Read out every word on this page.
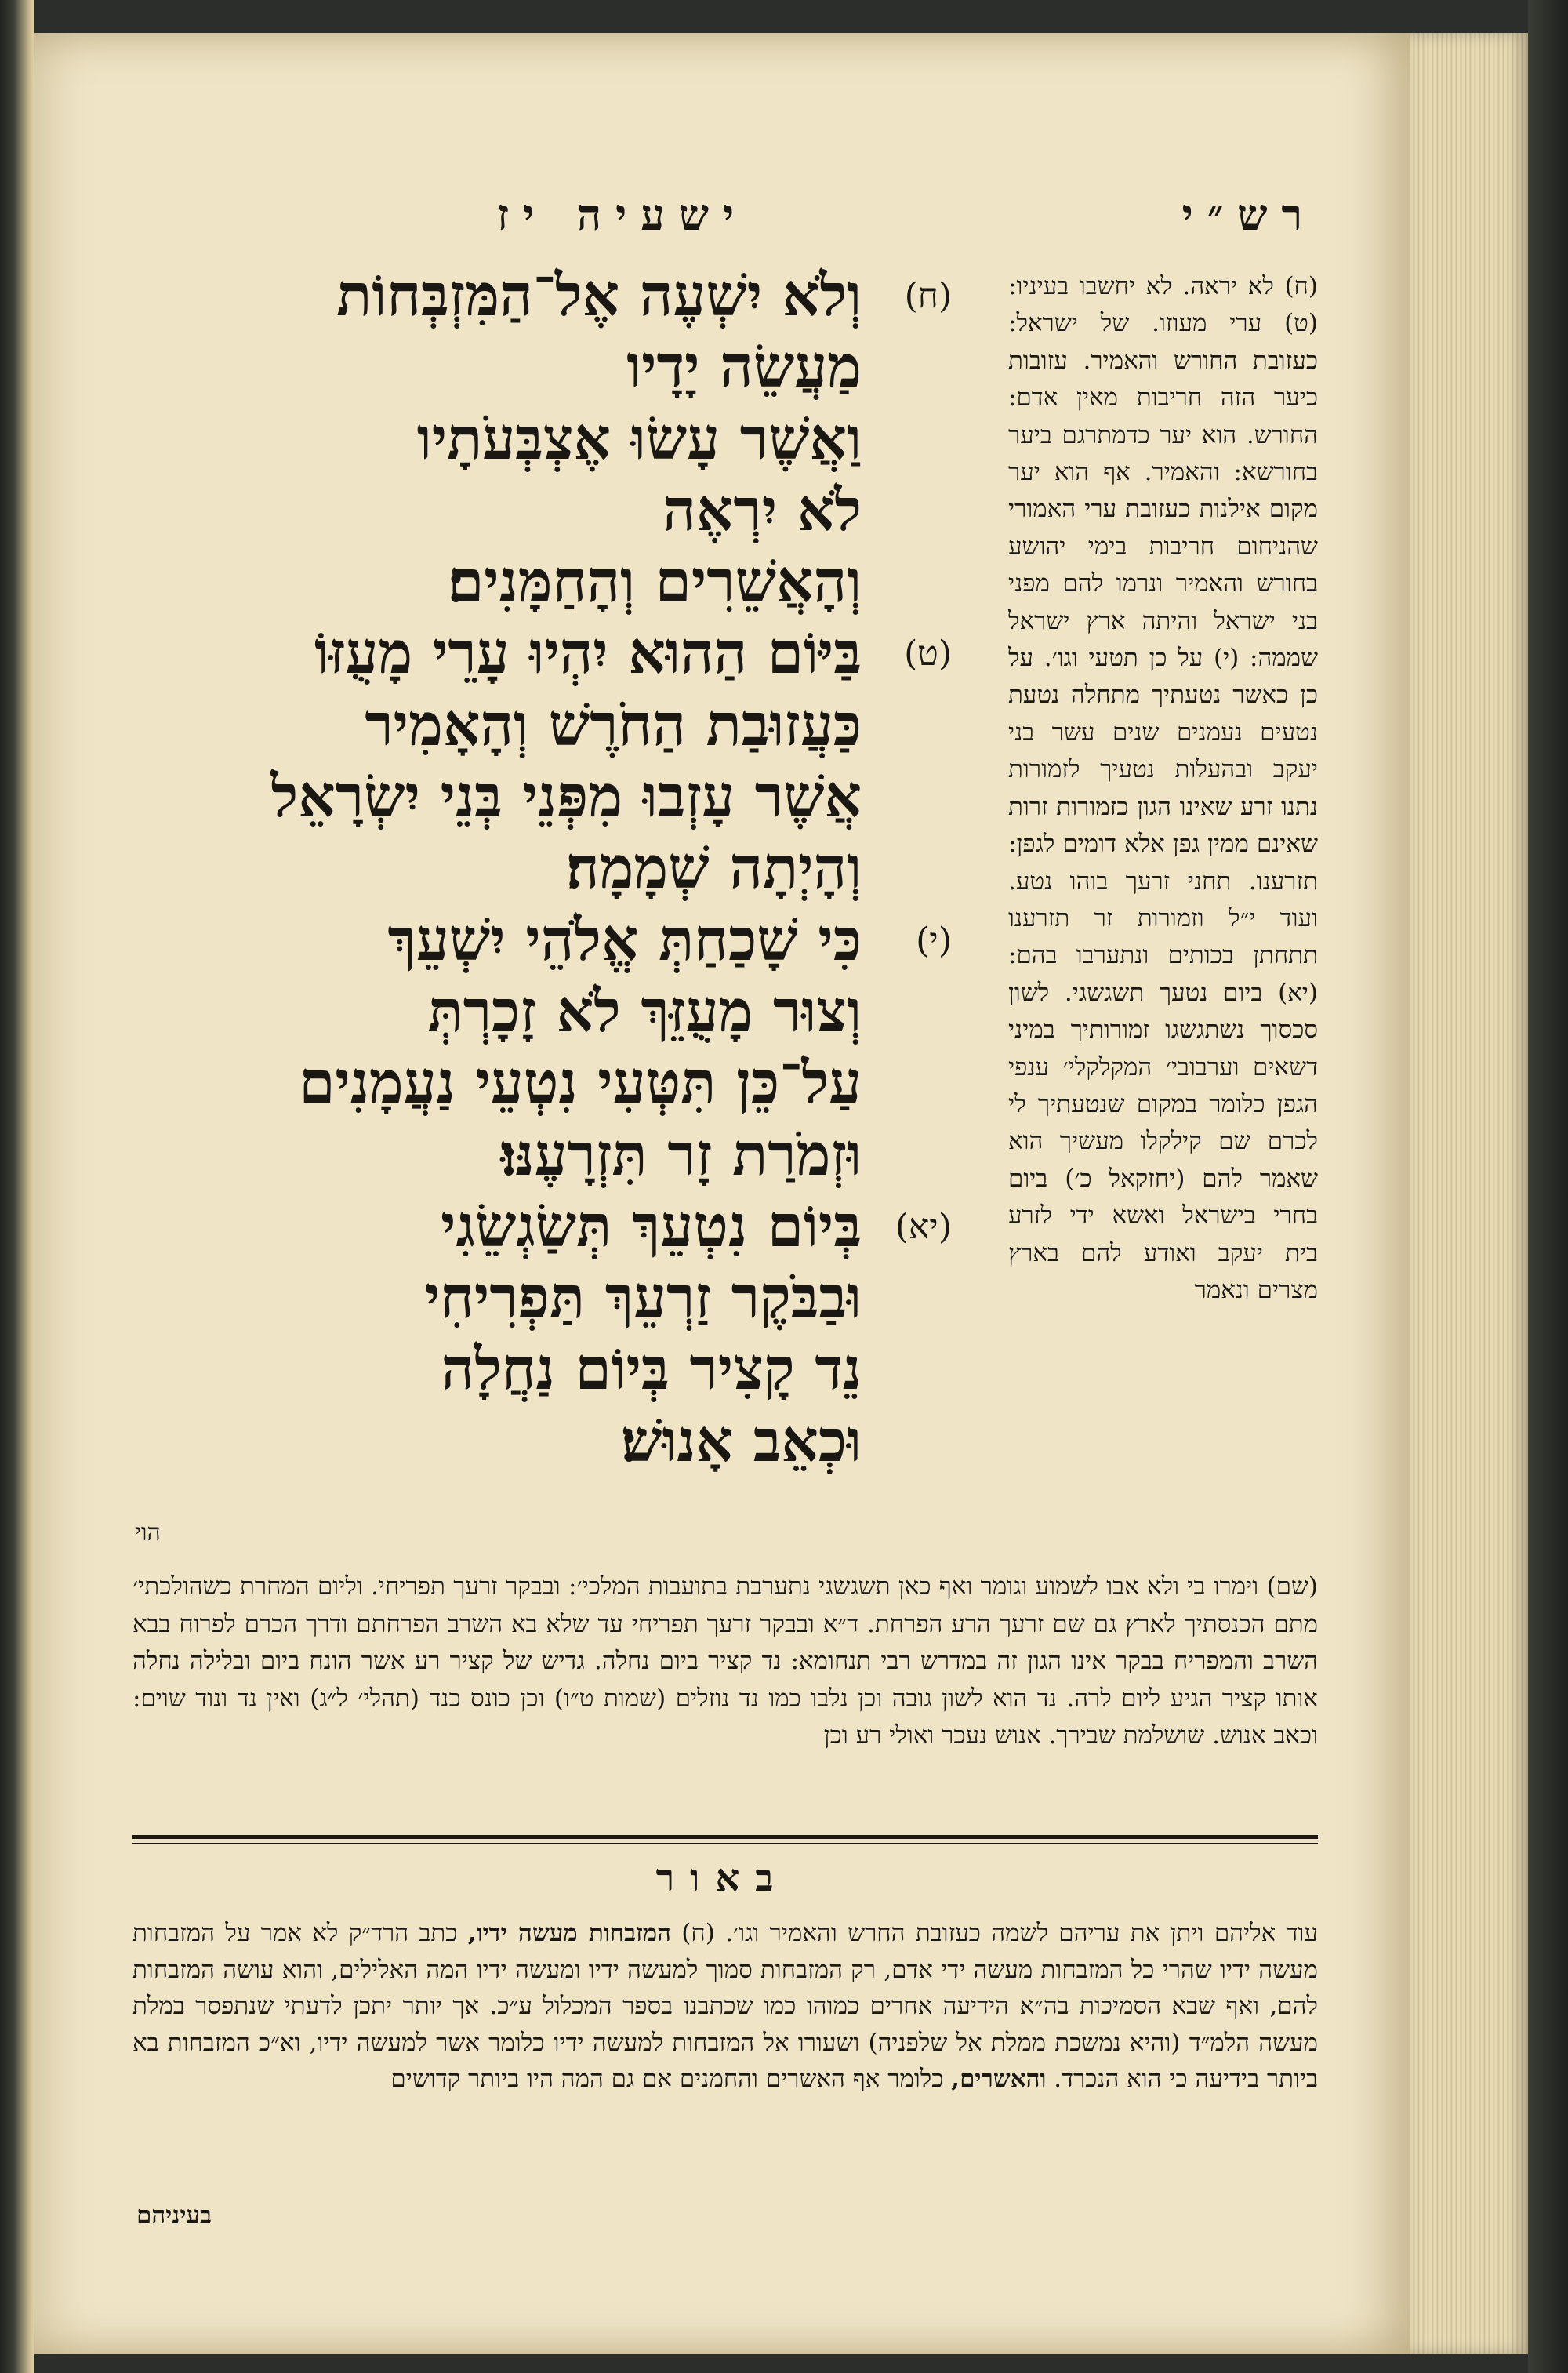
רש״י
ישעיה יז

(ח) לא יראה. לא יחשבו בעיניו: (ט) ערי מעוזו. של ישראל: כעזובת החורש והאמיר. עזובות כיער הזה חריבות מאין אדם: החורש. הוא יער כדמתרגם ביער בחורשא: והאמיר. אף הוא יער מקום אילנות כעזובת ערי האמורי שהניחום חריבות בימי יהושע בחורש והאמיר ונרמו להם מפני בני ישראל והיתה ארץ ישראל שממה: (י) על כן תטעי וגו׳. על כן כאשר נטעתיך מתחלה נטעת נטעים נעמנים שנים עשר בני יעקב ובהעלות נטעיך לזמורות נתנו זרע שאינו הגון כזמורות זרות שאינם ממין גפן אלא דומים לגפן: תזרענו. תחני זרעך בוהו נטע. ועוד י״ל וזמורות זר תזרענו תתחתן בכותים ונתערבו בהם: (יא) ביום נטעך תשגשגי. לשון סכסוך נשתגשגו זמורותיך במיני דשאים וערבובי׳ המקלקלי׳ ענפי הגפן כלומר במקום שנטעתיך לי לכרם שם קילקלו מעשיך הוא שאמר להם (יחזקאל כ׳) ביום בחרי בישראל ואשא ידי לזרע בית יעקב ואודע להם בארץ מצרים ונאמר

(ח)

וְלֹא יִשְׁעֶה אֶל־הַמִּזְבְּחוֹת

מַעֲשֵׂה יָדָיו

וַאֲשֶׁר עָשׂוּ אֶצְבְּעֹתָיו

לֹא יִרְאֶה

וְהָאֲשֵׁרִים וְהָחַמָּנִים׃

(ט)

בַּיּוֹם הַהוּא יִהְיוּ עָרֵי מָעֻזּוֹ

כַּעֲזוּבַת הַחֹרֶשׁ וְהָאָמִיר

אֲשֶׁר עָזְבוּ מִפְּנֵי בְּנֵי יִשְׂרָאֵל

וְהָיְתָה שְׁמָמָה׃

(י)

כִּי שָׁכַחַתְּ אֱלֹהֵי יִשְׁעֵךְ

וְצוּר מָעֻזֵּךְ לֹא זָכָרְתְּ

עַל־כֵּן תִּטְּעִי נִטְעֵי נַעֲמָנִים

וּזְמֹרַת זָר תִּזְרָעֶנּוּ׃

(יא)

בְּיוֹם נִטְעֵךְ תְּשַׂגְשֵׂגִי

וּבַבֹּקֶר זַרְעֵךְ תַּפְרִיחִי

נֵד קָצִיר בְּיוֹם נַחֲלָה

וּכְאֵב אָנוּשׁ׃

הוי
(שם) וימרו בי ולא אבו לשמוע וגומר ואף כאן תשגשגי נתערבת בתועבות המלכי׳: ובבקר זרעך תפריחי. וליום המחרת כשהולכתי׳ מתם הכנסתיך לארץ גם שם זרעך הרע הפרחת. ד״א ובבקר זרעך תפריחי עד שלא בא השרב הפרחתם ודרך הכרם לפרוח בבא השרב והמפריח בבקר אינו הגון זה במדרש רבי תנחומא: נד קציר ביום נחלה. גדיש של קציר רע אשר הונח ביום ובלילה נחלה אותו קציר הגיע ליום לרה. נד הוא לשון גובה וכן נלבו כמו נד נוזלים (שמות ט״ו) וכן כונס כנד (תהלי׳ ל״ג) ואין נד ונוד שוים: וכאב אנוש. שושלמת שבירך. אנוש נעכר ואולי רע וכן
באור
עוד אליהם ויתן את עריהם לשמה כעזובת החרש והאמיר וגו׳. (ח) המזבחות מעשה ידיו, כתב הרד״ק לא אמר על המזבחות מעשה ידיו שהרי כל המזבחות מעשה ידי אדם, רק המזבחות סמוך למעשה ידיו ומעשה ידיו המה האלילים, והוא עושה המזבחות להם, ואף שבא הסמיכות בה״א הידיעה אחרים כמוהו כמו שכתבנו בספר המכלול ע״כ. אך יותר יתכן לדעתי שנתפסר במלת מעשה הלמ״ד (והיא נמשכת ממלת אל שלפניה) ושעורו אל המזבחות למעשה ידיו כלומר אשר למעשה ידיו, וא״כ המזבחות בא ביותר בידיעה כי הוא הנכרד. והאשרים, כלומר אף האשרים והחמנים אם גם המה היו ביותר קדושים
בעיניהם
